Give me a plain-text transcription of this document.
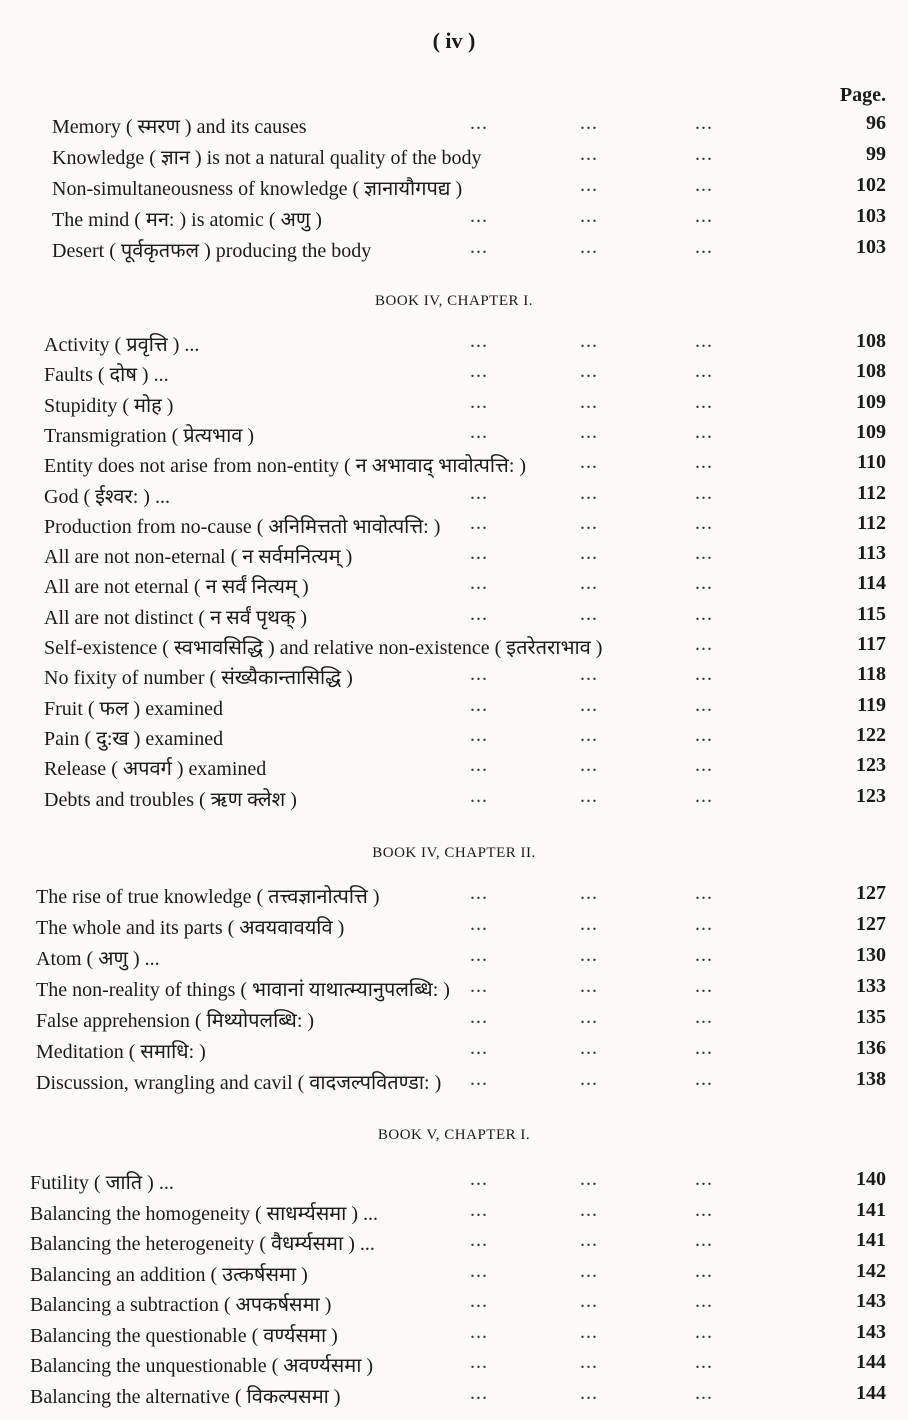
( iv )
Page.
Memory ( स्मरण ) and its causes	...	...	...	96
Knowledge ( ज्ञान ) is not a natural quality of the body	...	...	99
Non-simultaneousness of knowledge ( ज्ञानायौगपद्य )	...	...	102
The mind ( मन: ) is atomic ( अणु )	...	...	...	103
Desert ( पूर्वकृतफल ) producing the body	...	...	...	103
BOOK IV, CHAPTER I.
Activity ( प्रवृत्ति ) ...	...	...	...	108
Faults ( दोष ) ...	...	...	...	108
Stupidity ( मोह )	...	...	...	109
Transmigration ( प्रेत्यभाव )	...	...	...	109
Entity does not arise from non-entity ( न अभावाद् भावोत्पत्ति: )	...	...	110
God ( ईश्वर: ) ...	...	...	...	112
Production from no-cause ( अनिमित्ततो भावोत्पत्ति: ) ...	...	...	112
All are not non-eternal ( न सर्वमनित्यम् )	...	...	...	113
All are not eternal ( न सर्वं नित्यम् )	...	...	...	114
All are not distinct ( न सर्वं पृथक् )	...	...	...	115
Self-existence ( स्वभावसिद्धि ) and relative non-existence ( इतरेतराभाव )	...	117
No fixity of number ( संख्यैकान्तासिद्धि )	...	...	...	118
Fruit ( फल ) examined	...	...	...	119
Pain ( दु:ख ) examined	...	...	...	122
Release ( अपवर्ग ) examined	...	...	...	123
Debts and troubles ( ऋण क्लेश )	...	...	...	123
BOOK IV, CHAPTER II.
The rise of true knowledge ( तत्त्वज्ञानोत्पत्ति )	...	...	...	127
The whole and its parts ( अवयवावयवि )	...	...	...	127
Atom ( अणु ) ...	...	...	...	130
The non-reality of things ( भावानां याथात्म्यानुपलब्धि: ) ...	...	...	133
False apprehension ( मिथ्योपलब्धि: )	...	...	...	135
Meditation ( समाधि: )	...	...	...	136
Discussion, wrangling and cavil ( वादजल्पवितण्डा: ) ...	...	...	138
BOOK V, CHAPTER I.
Futility ( जाति ) ...	...	...	...	140
Balancing the homogeneity ( साधर्म्यसमा ) ...	...	...	...	141
Balancing the heterogeneity ( वैधर्म्यसमा ) ...	...	...	...	141
Balancing an addition ( उत्कर्षसमा )	...	...	...	142
Balancing a subtraction ( अपकर्षसमा )	...	...	...	143
Balancing the questionable ( वर्ण्यसमा )	...	...	...	143
Balancing the unquestionable ( अवर्ण्यसमा )	...	...	...	144
Balancing the alternative ( विकल्पसमा )	...	...	...	144
